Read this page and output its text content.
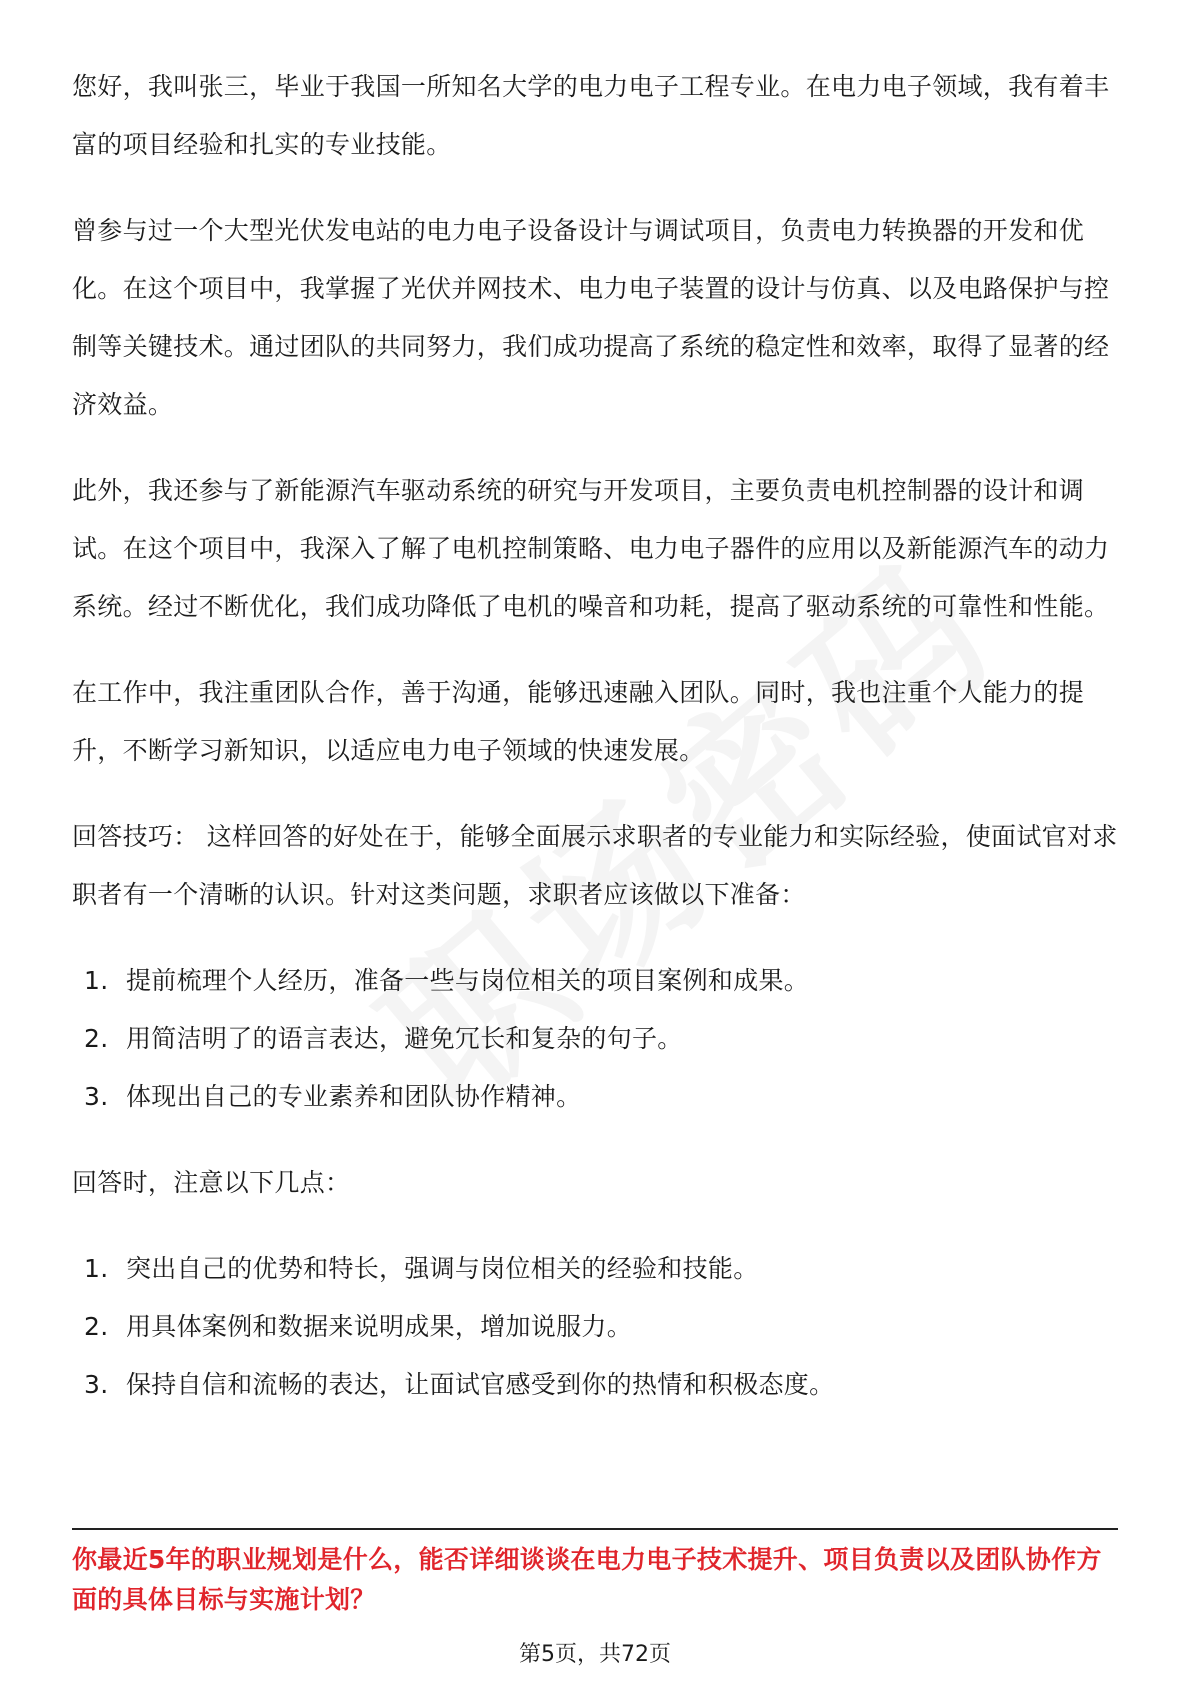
您好，我叫张三，毕业于我国一所知名大学的电力电子工程专业。在电力电子领域，我有着丰富的项目经验和扎实的专业技能。

曾参与过一个大型光伏发电站的电力电子设备设计与调试项目，负责电力转换器的开发和优化。在这个项目中，我掌握了光伏并网技术、电力电子装置的设计与仿真、以及电路保护与控制等关键技术。通过团队的共同努力，我们成功提高了系统的稳定性和效率，取得了显著的经济效益。

此外，我还参与了新能源汽车驱动系统的研究与开发项目，主要负责电机控制器的设计和调试。在这个项目中，我深入了解了电机控制策略、电力电子器件的应用以及新能源汽车的动力系统。经过不断优化，我们成功降低了电机的噪音和功耗，提高了驱动系统的可靠性和性能。

在工作中，我注重团队合作，善于沟通，能够迅速融入团队。同时，我也注重个人能力的提升，不断学习新知识，以适应电力电子领域的快速发展。

回答技巧： 这样回答的好处在于，能够全面展示求职者的专业能力和实际经验，使面试官对求职者有一个清晰的认识。针对这类问题，求职者应该做以下准备：

1. 提前梳理个人经历，准备一些与岗位相关的项目案例和成果。
2. 用简洁明了的语言表达，避免冗长和复杂的句子。
3. 体现出自己的专业素养和团队协作精神。

回答时，注意以下几点：

1. 突出自己的优势和特长，强调与岗位相关的经验和技能。
2. 用具体案例和数据来说明成果，增加说服力。
3. 保持自信和流畅的表达，让面试官感受到你的热情和积极态度。
你最近5年的职业规划是什么，能否详细谈谈在电力电子技术提升、项目负责以及团队协作方面的具体目标与实施计划？
第5页，共72页
